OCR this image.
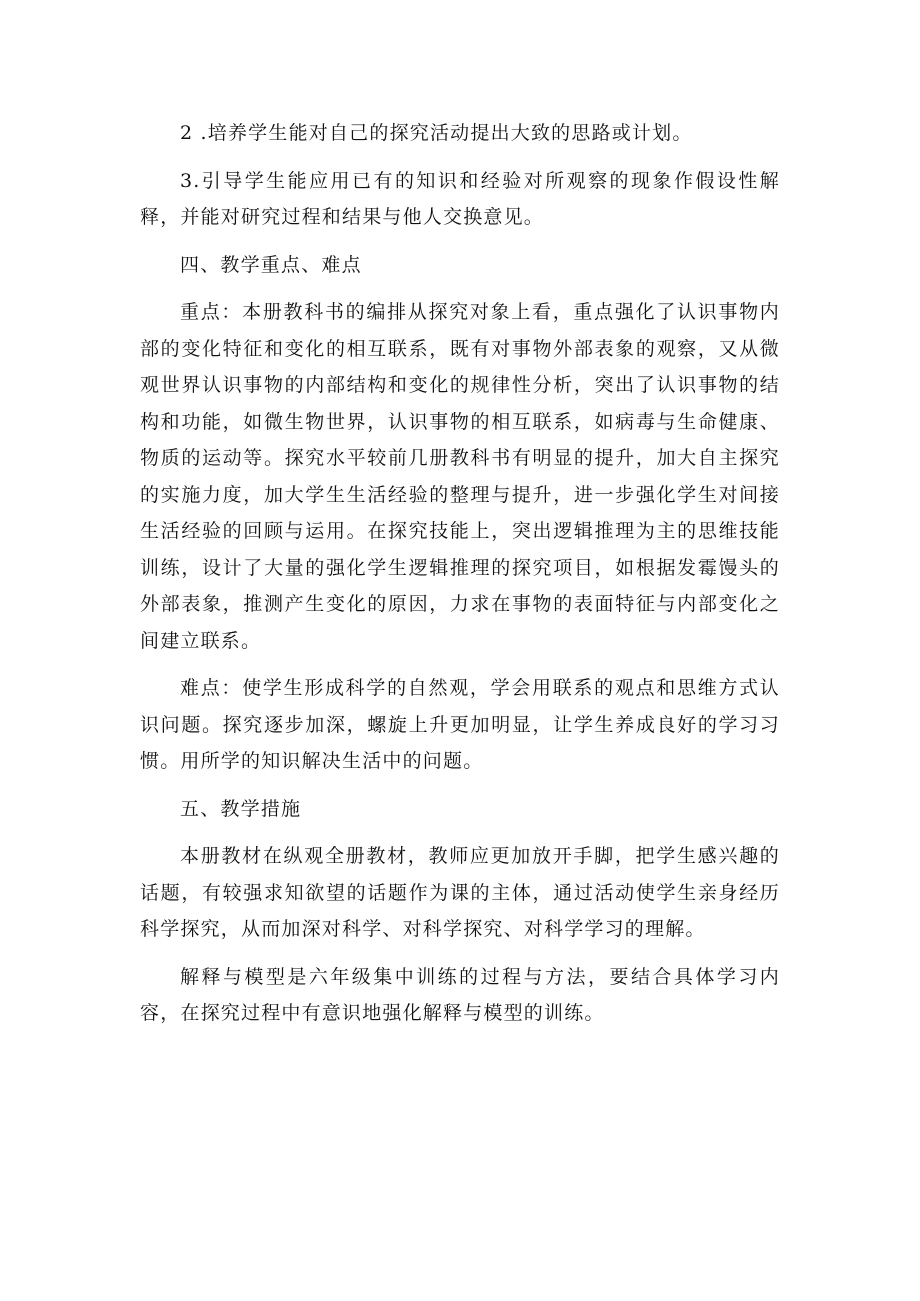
2 .培养学生能对自己的探究活动提出大致的思路或计划。

3.引导学生能应用已有的知识和经验对所观察的现象作假设性解释，并能对研究过程和结果与他人交换意见。

四、教学重点、难点

重点：本册教科书的编排从探究对象上看，重点强化了认识事物内部的变化特征和变化的相互联系，既有对事物外部表象的观察，又从微观世界认识事物的内部结构和变化的规律性分析，突出了认识事物的结构和功能，如微生物世界，认识事物的相互联系，如病毒与生命健康、物质的运动等。探究水平较前几册教科书有明显的提升，加大自主探究的实施力度，加大学生生活经验的整理与提升，进一步强化学生对间接生活经验的回顾与运用。在探究技能上，突出逻辑推理为主的思维技能训练，设计了大量的强化学生逻辑推理的探究项目，如根据发霉馒头的外部表象，推测产生变化的原因，力求在事物的表面特征与内部变化之间建立联系。

难点：使学生形成科学的自然观，学会用联系的观点和思维方式认识问题。探究逐步加深，螺旋上升更加明显，让学生养成良好的学习习惯。用所学的知识解决生活中的问题。

五、教学措施

本册教材在纵观全册教材，教师应更加放开手脚，把学生感兴趣的话题，有较强求知欲望的话题作为课的主体，通过活动使学生亲身经历科学探究，从而加深对科学、对科学探究、对科学学习的理解。

解释与模型是六年级集中训练的过程与方法，要结合具体学习内容，在探究过程中有意识地强化解释与模型的训练。
